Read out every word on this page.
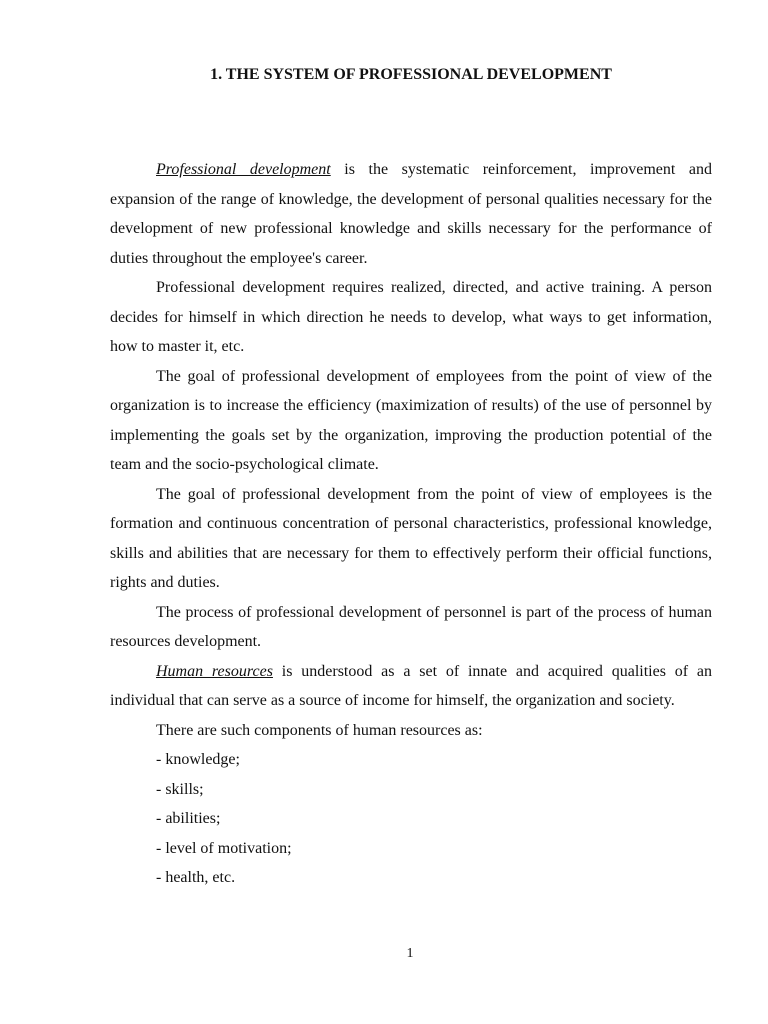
1. THE SYSTEM OF PROFESSIONAL DEVELOPMENT

Professional development is the systematic reinforcement, improvement and expansion of the range of knowledge, the development of personal qualities necessary for the development of new professional knowledge and skills necessary for the performance of duties throughout the employee's career.

Professional development requires realized, directed, and active training. A person decides for himself in which direction he needs to develop, what ways to get information, how to master it, etc.

The goal of professional development of employees from the point of view of the organization is to increase the efficiency (maximization of results) of the use of personnel by implementing the goals set by the organization, improving the production potential of the team and the socio-psychological climate.

The goal of professional development from the point of view of employees is the formation and continuous concentration of personal characteristics, professional knowledge, skills and abilities that are necessary for them to effectively perform their official functions, rights and duties.

The process of professional development of personnel is part of the process of human resources development.

Human resources is understood as a set of innate and acquired qualities of an individual that can serve as a source of income for himself, the organization and society.

There are such components of human resources as:

- knowledge;

- skills;

- abilities;

- level of motivation;

- health, etc.

1
